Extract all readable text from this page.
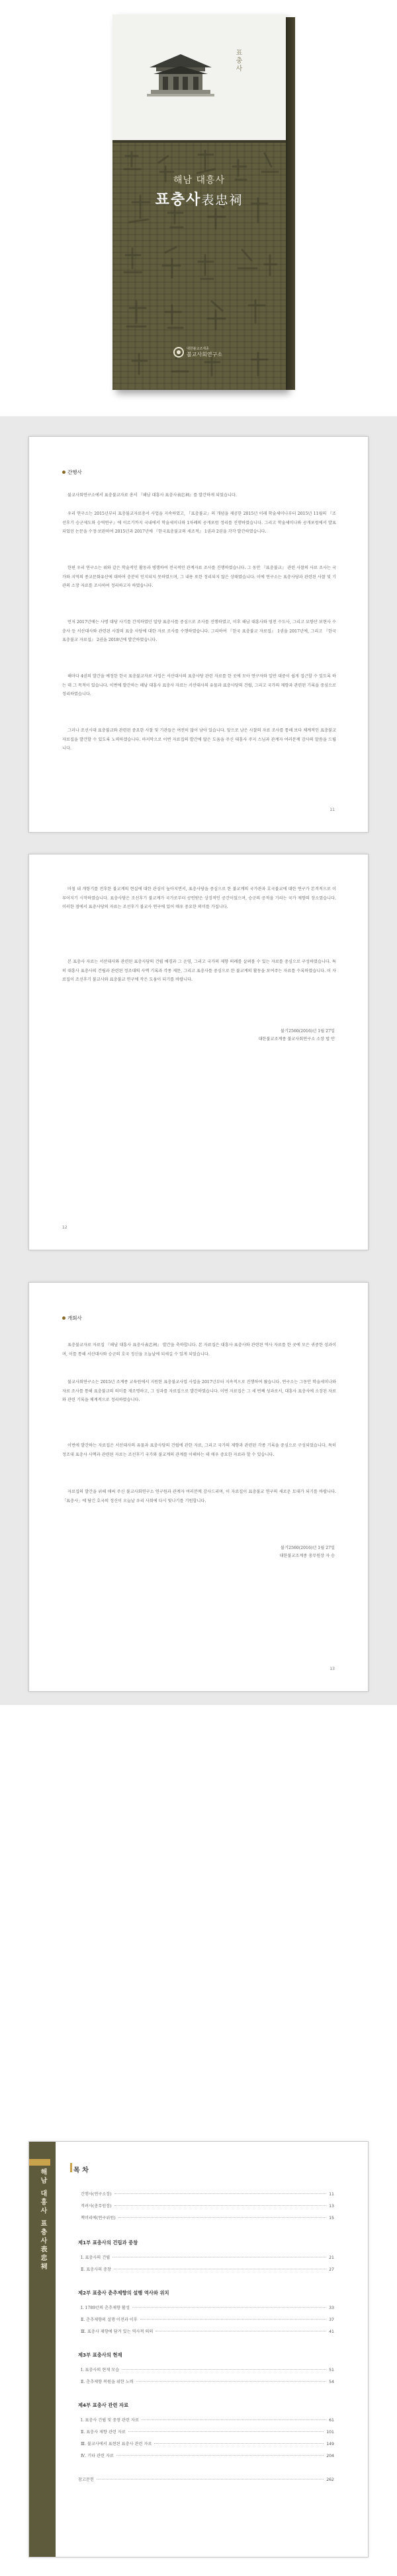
표충사
해남 대흥사
표충사表忠祠
대한불교조계종
불교사회연구소
간행사

불교사회연구소에서 표충불교자료 총서 『해남 대흥사 표충사表忠祠』를 발간하게 되었습니다.

우리 연구소는 2015년부터 표충불교자료총서 사업을 지속하였고, 『표충불교』의 개념을 제공한 2015년 이래 학술세미나부터 2015년 11월의 『조선후기 승군제도와 승역연구』에 이르기까지 국내에서 학술세미나와 1차례의 공개포럼 정리를 진행하였습니다. 그리고 학술세미나와 공개포럼에서 발표되었던 논문을 수정·보완하여 2015년과 2017년에 『한국표충불교의 세조적』 1권과 2권을 각각 발간하였습니다.

한편 우리 연구소는 위와 같은 학술적인 활동과 병행하여 전국적인 관계자료 조사를 진행하였습니다. 그 동안 『표충불교』 관련 사찰의 사료 조사는 국가와 지역의 종교문화유산에 대하여 충분히 인지되지 못하였으며, 그 내용 또한 정리되지 않은 상태였습니다. 이에 연구소는 표충사당과 관련된 사찰 및 기관의 소장 자료를 조사하여 정리하고자 하였습니다.

먼저 2017년에는 사명 대당 사기를 간직하였던 밀양 표충사를 중심으로 조사를 진행하였고, 이후 해남 대흥사와 영천 수도사, 그리고 묘향산 보현사 수충사 등 서산대사와 관련된 사찰의 표충 사당에 대한 자료 조사를 수행하였습니다. 그리하여 『한국 표충불교 자료집』 1권을 2017년에, 그리고 『한국 표충불교 자료집』 2권을 2018년에 발간하였습니다.

해마다 4권의 발간을 예정한 한국 표충불교자료 사업은 서산대사의 표충사당 관련 자료를 한 곳에 모아 연구자와 일반 대중이 쉽게 접근할 수 있도록 하는 데 그 목적이 있습니다. 이번에 발간하는 해남 대흥사 표충사 자료는 서산대사의 유물과 표충사당의 건립, 그리고 국가의 제향과 관련된 기록을 중심으로 정리하였습니다.

그러나 조선시대 표충불교와 관련된 중요한 사찰 및 기관들은 여전히 많이 남아 있습니다. 앞으로 남은 사찰의 자료 조사를 통해 보다 체계적인 표충불교 자료집을 발간할 수 있도록 노력하겠습니다. 마지막으로 이번 자료집의 발간에 많은 도움을 주신 대흥사 주지 스님과 관계자 여러분께 감사의 말씀을 드립니다.

11

마침 내 개항기를 전후한 불교계의 현실에 대한 관심이 높아지면서, 표충사당을 중심으로 한 불교계의 국가관과 호국불교에 대한 연구가 본격적으로 이루어지기 시작하였습니다. 표충사당은 조선후기 불교계가 국가로부터 공인받은 상징적인 공간이었으며, 승군의 공적을 기리는 국가 제향의 장소였습니다. 이러한 점에서 표충사당의 자료는 조선후기 불교사 연구에 있어 매우 중요한 의미를 가집니다.

본 표충사 자료는 서산대사와 관련된 표충사당의 건립 배경과 그 운영, 그리고 국가의 제향 의례를 살펴볼 수 있는 자료를 중심으로 구성하였습니다. 특히 대흥사 표충사의 건립과 관련된 정조대의 사액 기록과 각종 제문, 그리고 표충사를 중심으로 한 불교계의 활동을 보여주는 자료를 수록하였습니다. 이 자료집이 조선후기 불교사와 표충불교 연구에 작은 도움이 되기를 바랍니다.

불기2560(2016)년 1월 27일
대한불교조계종 불교사회연구소 소장 법 안
12
개회사

표충불교자료 자료집 『해남 대흥사 표충사表忠祠』 발간을 축하합니다. 본 자료집은 대흥사 표충사와 관련된 역사 자료를 한 곳에 모은 귀중한 성과이며, 이를 통해 서산대사와 승군의 호국 정신을 오늘날에 되새길 수 있게 되었습니다.

불교사회연구소는 2015년 조계종 교육원에서 지원한 표충불교사업 사업을 2017년부터 지속적으로 진행하여 왔습니다. 연구소는 그동안 학술세미나와 자료 조사를 통해 표충불교의 의미를 재조명하고, 그 성과를 자료집으로 발간하였습니다. 이번 자료집은 그 세 번째 성과로서, 대흥사 표충사에 소장된 자료와 관련 기록을 체계적으로 정리하였습니다.

이번에 발간하는 자료집은 서산대사의 유물과 표충사당의 건립에 관한 자료, 그리고 국가의 제향과 관련된 각종 기록을 중심으로 구성되었습니다. 특히 정조대 표충사 사액과 관련된 자료는 조선후기 국가와 불교계의 관계를 이해하는 데 매우 중요한 자료라 할 수 있습니다.

자료집의 발간을 위해 애써 주신 불교사회연구소 연구원과 관계자 여러분께 감사드리며, 이 자료집이 표충불교 연구의 새로운 토대가 되기를 바랍니다. 「표충사」에 담긴 호국의 정신이 오늘날 우리 사회에 다시 빛나기를 기원합니다.

불기2560(2016)년 1월 27일
대한불교조계종 총무원장 자 승
13
해남 대흥사 표충사表忠祠	목 차
간행사(연구소장)	11
격려사(총무원장)	13
책머리에(연구위원)	15
제1부 표충사의 건립과 중창
Ⅰ. 표충사의 건립	21
Ⅱ. 표충사의 중창	27
제2부 표충사 춘추제향의 설행 역사와 위치
Ⅰ. 1789년의 춘추제향 활성	33
Ⅱ. 춘추제향의 설행 이전과 이후	37
Ⅲ. 표충사 제향에 담겨 있는 역사적 의의	41
제3부 표충사의 현재
Ⅰ. 표충사의 현재 모습	51
Ⅱ. 춘추제향 복원을 위한 노력	54
제4부 표충사 관련 자료
Ⅰ. 표충사 건립 및 중창 관련 자료	61
Ⅱ. 표충사 제향 관련 자료	101
Ⅲ. 불교사에서 표현된 표충사 관련 자료	149
Ⅳ. 기타 관련 자료	204
참고문헌	262
